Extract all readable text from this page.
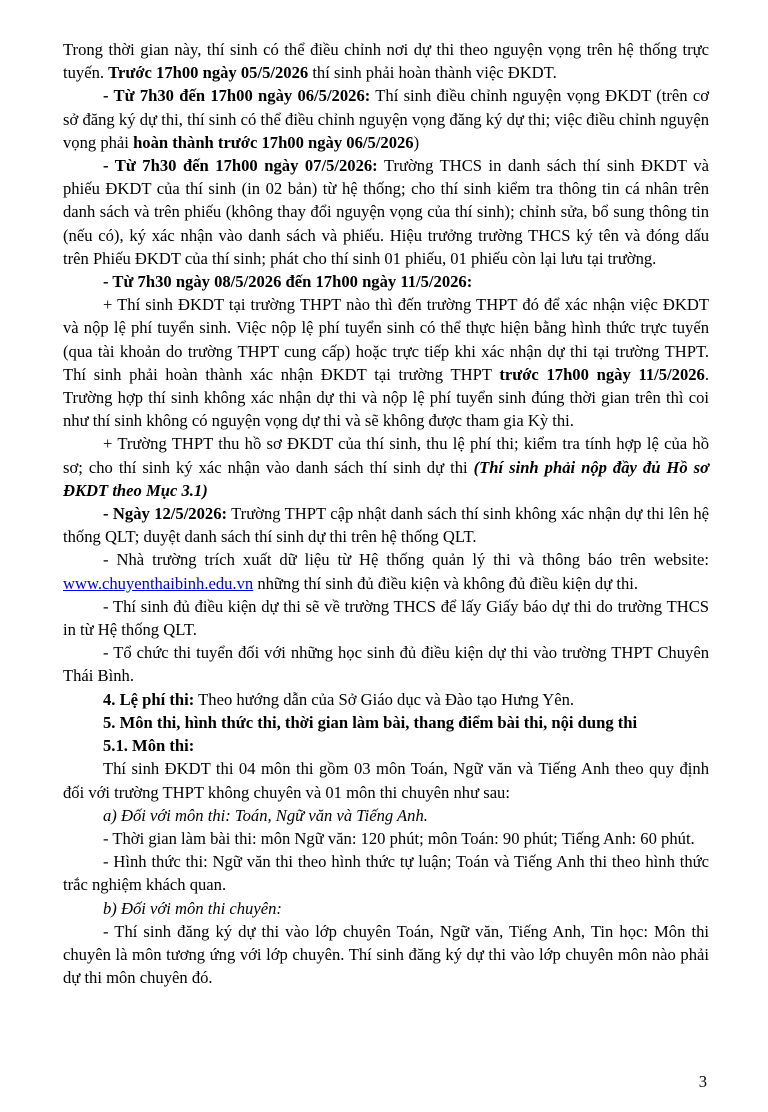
Trong thời gian này, thí sinh có thể điều chỉnh nơi dự thi theo nguyện vọng trên hệ thống trực tuyến. Trước 17h00 ngày 05/5/2026 thí sinh phải hoàn thành việc ĐKDT.

- Từ 7h30 đến 17h00 ngày 06/5/2026: Thí sinh điều chỉnh nguyện vọng ĐKDT (trên cơ sở đăng ký dự thi, thí sinh có thể điều chỉnh nguyện vọng đăng ký dự thi; việc điều chỉnh nguyện vọng phải hoàn thành trước 17h00 ngày 06/5/2026)

- Từ 7h30 đến 17h00 ngày 07/5/2026: Trường THCS in danh sách thí sinh ĐKDT và phiếu ĐKDT của thí sinh (in 02 bản) từ hệ thống; cho thí sinh kiểm tra thông tin cá nhân trên danh sách và trên phiếu (không thay đổi nguyện vọng của thí sinh); chỉnh sửa, bổ sung thông tin (nếu có), ký xác nhận vào danh sách và phiếu. Hiệu trưởng trường THCS ký tên và đóng dấu trên Phiếu ĐKDT của thí sinh; phát cho thí sinh 01 phiếu, 01 phiếu còn lại lưu tại trường.

- Từ 7h30 ngày 08/5/2026 đến 17h00 ngày 11/5/2026:

+ Thí sinh ĐKDT tại trường THPT nào thì đến trường THPT đó để xác nhận việc ĐKDT và nộp lệ phí tuyển sinh. Việc nộp lệ phí tuyển sinh có thể thực hiện bằng hình thức trực tuyến (qua tài khoản do trường THPT cung cấp) hoặc trực tiếp khi xác nhận dự thi tại trường THPT. Thí sinh phải hoàn thành xác nhận ĐKDT tại trường THPT trước 17h00 ngày 11/5/2026. Trường hợp thí sinh không xác nhận dự thi và nộp lệ phí tuyển sinh đúng thời gian trên thì coi như thí sinh không có nguyện vọng dự thi và sẽ không được tham gia Kỳ thi.

+ Trường THPT thu hồ sơ ĐKDT của thí sinh, thu lệ phí thi; kiểm tra tính hợp lệ của hồ sơ; cho thí sinh ký xác nhận vào danh sách thí sinh dự thi (Thí sinh phải nộp đầy đủ Hồ sơ ĐKDT theo Mục 3.1)

- Ngày 12/5/2026: Trường THPT cập nhật danh sách thí sinh không xác nhận dự thi lên hệ thống QLT; duyệt danh sách thí sinh dự thi trên hệ thống QLT.

- Nhà trường trích xuất dữ liệu từ Hệ thống quản lý thi và thông báo trên website: www.chuyenthaibinh.edu.vn những thí sinh đủ điều kiện và không đủ điều kiện dự thi.

- Thí sinh đủ điều kiện dự thi sẽ về trường THCS để lấy Giấy báo dự thi do trường THCS in từ Hệ thống QLT.

- Tổ chức thi tuyển đối với những học sinh đủ điều kiện dự thi vào trường THPT Chuyên Thái Bình.

4. Lệ phí thi: Theo hướng dẫn của Sở Giáo dục và Đào tạo Hưng Yên.

5. Môn thi, hình thức thi, thời gian làm bài, thang điểm bài thi, nội dung thi

5.1. Môn thi:

Thí sinh ĐKDT thi 04 môn thi gồm 03 môn Toán, Ngữ văn và Tiếng Anh theo quy định đối với trường THPT không chuyên và 01 môn thi chuyên như sau:

a) Đối với môn thi: Toán, Ngữ văn và Tiếng Anh.

- Thời gian làm bài thi: môn Ngữ văn: 120 phút; môn Toán: 90 phút; Tiếng Anh: 60 phút.

- Hình thức thi: Ngữ văn thi theo hình thức tự luận; Toán và Tiếng Anh thi theo hình thức trắc nghiệm khách quan.

b) Đối với môn thi chuyên:

- Thí sinh đăng ký dự thi vào lớp chuyên Toán, Ngữ văn, Tiếng Anh, Tin học: Môn thi chuyên là môn tương ứng với lớp chuyên. Thí sinh đăng ký dự thi vào lớp chuyên môn nào phải dự thi môn chuyên đó.

3
